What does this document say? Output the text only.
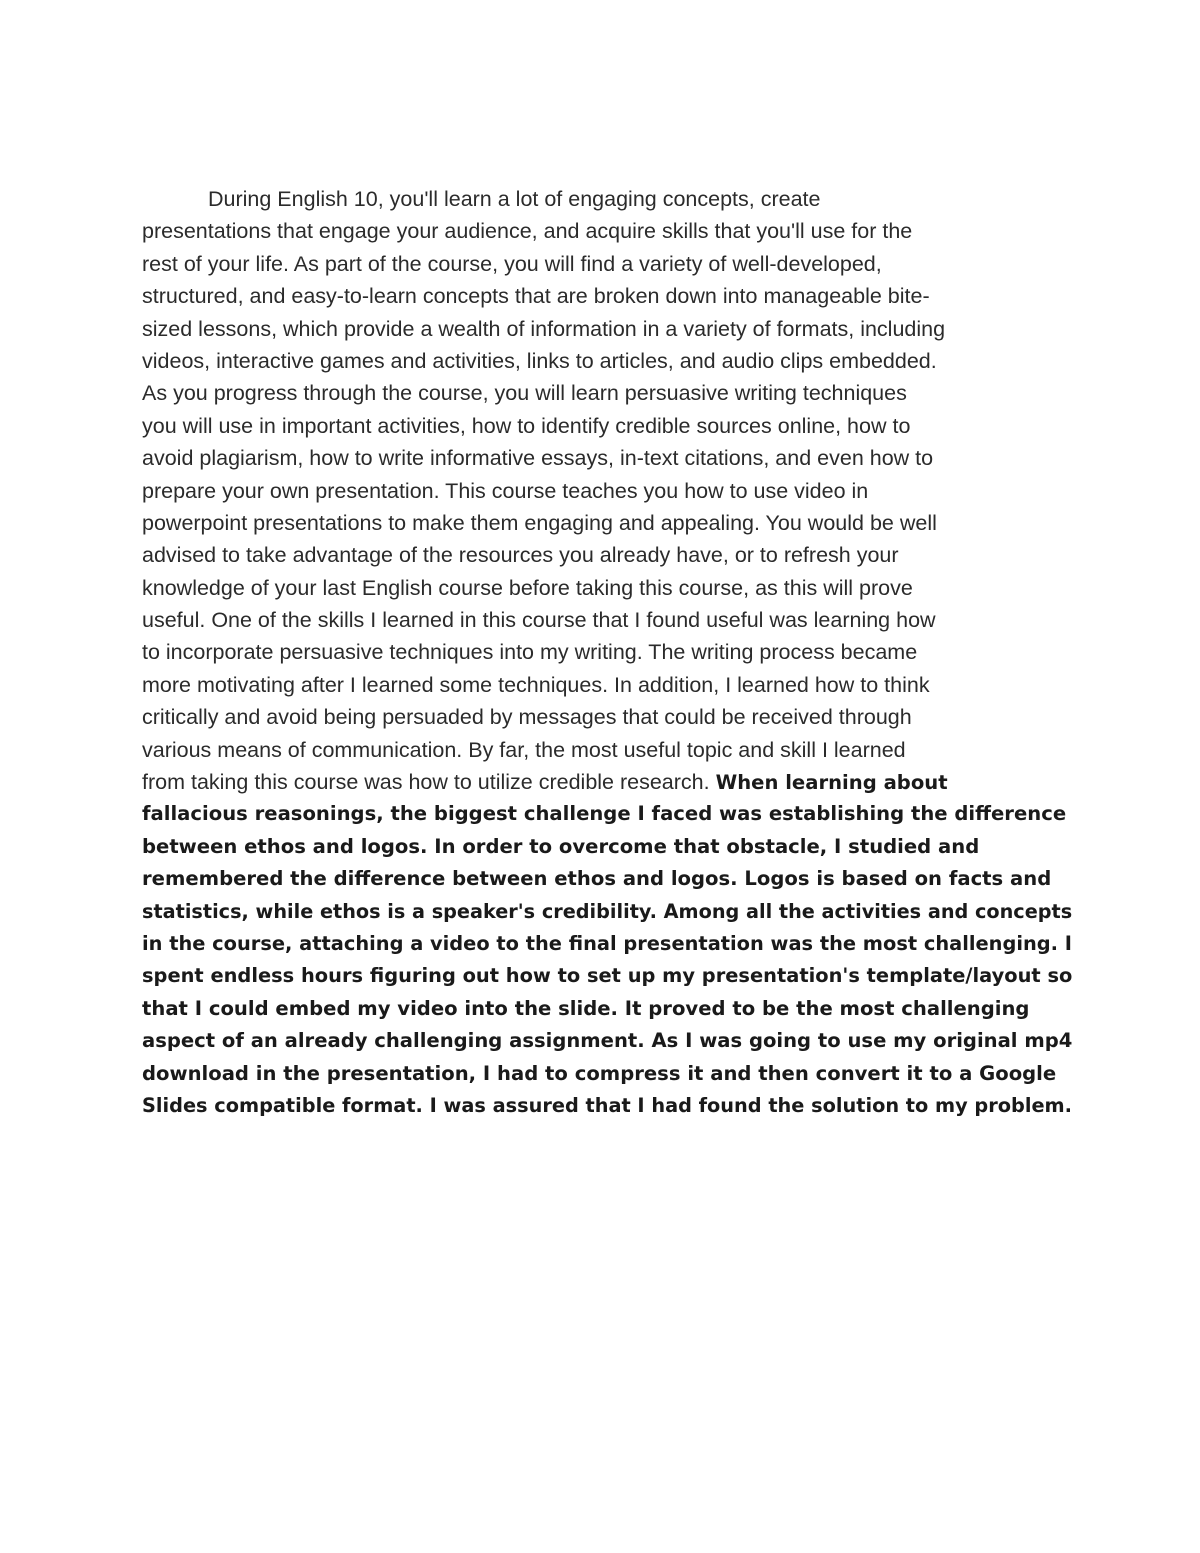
During English 10, you'll learn a lot of engaging concepts, create
presentations that engage your audience, and acquire skills that you'll use for the
rest of your life. As part of the course, you will find a variety of well-developed,
structured, and easy-to-learn concepts that are broken down into manageable bite-
sized lessons, which provide a wealth of information in a variety of formats, including
videos, interactive games and activities, links to articles, and audio clips embedded.
As you progress through the course, you will learn persuasive writing techniques
you will use in important activities, how to identify credible sources online, how to
avoid plagiarism, how to write informative essays, in-text citations, and even how to
prepare your own presentation. This course teaches you how to use video in
powerpoint presentations to make them engaging and appealing. You would be well
advised to take advantage of the resources you already have, or to refresh your
knowledge of your last English course before taking this course, as this will prove
useful. One of the skills I learned in this course that I found useful was learning how
to incorporate persuasive techniques into my writing. The writing process became
more motivating after I learned some techniques. In addition, I learned how to think
critically and avoid being persuaded by messages that could be received through
various means of communication. By far, the most useful topic and skill I learned
from taking this course was how to utilize credible research. When learning about
fallacious reasonings, the biggest challenge I faced was establishing the difference
between ethos and logos. In order to overcome that obstacle, I studied and
remembered the difference between ethos and logos. Logos is based on facts and
statistics, while ethos is a speaker's credibility. Among all the activities and concepts
in the course, attaching a video to the final presentation was the most challenging. I
spent endless hours figuring out how to set up my presentation's template/layout so
that I could embed my video into the slide. It proved to be the most challenging
aspect of an already challenging assignment. As I was going to use my original mp4
download in the presentation, I had to compress it and then convert it to a Google
Slides compatible format. I was assured that I had found the solution to my problem.
